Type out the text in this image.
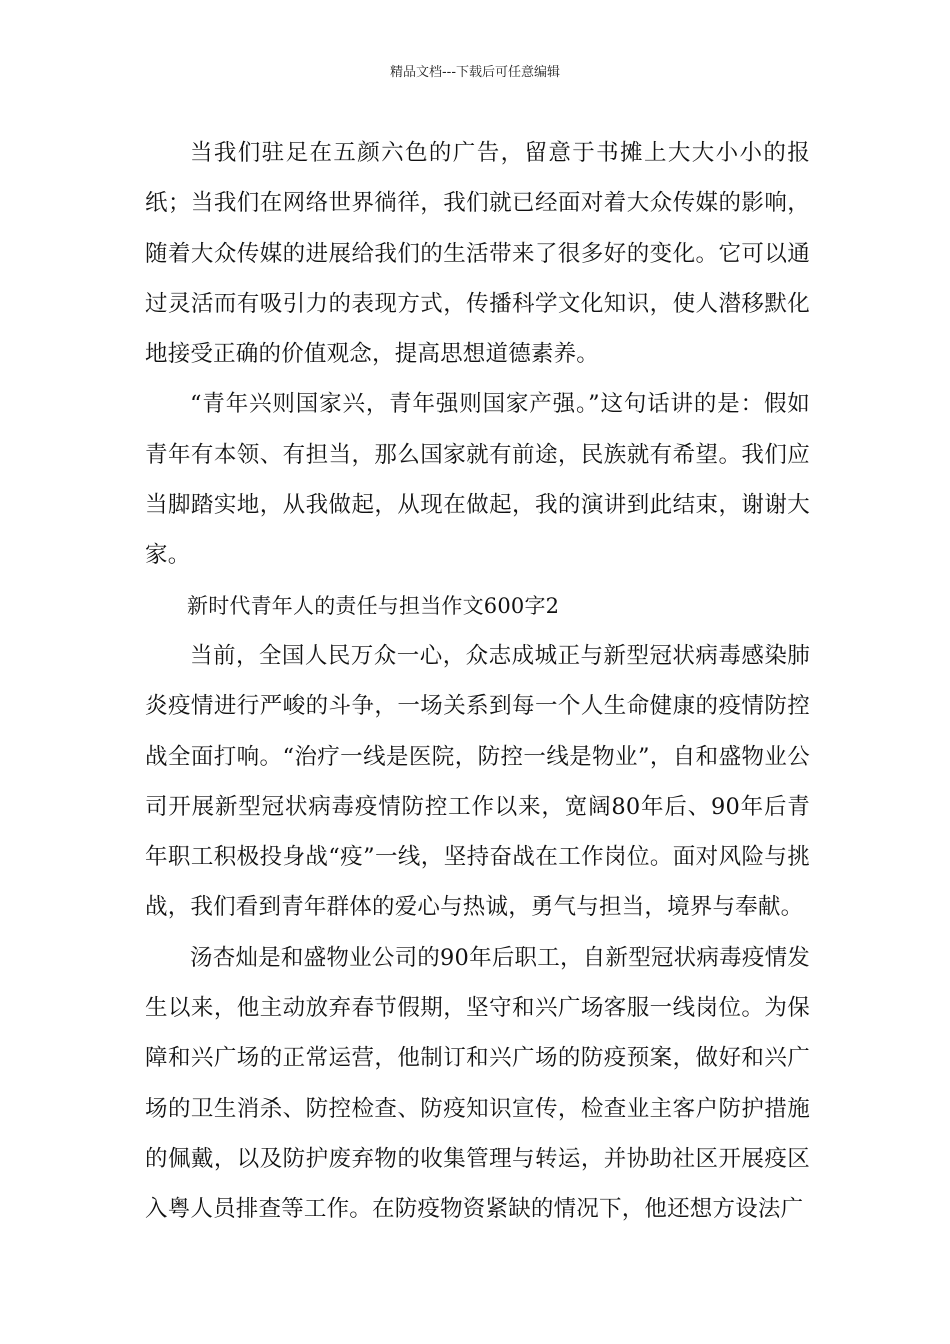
精品文档---下载后可任意编辑

当我们驻足在五颜六色的广告，留意于书摊上大大小小的报纸；当我们在网络世界徜徉，我们就已经面对着大众传媒的影响，随着大众传媒的进展给我们的生活带来了很多好的变化。它可以通过灵活而有吸引力的表现方式，传播科学文化知识，使人潜移默化地接受正确的价值观念，提高思想道德素养。

“青年兴则国家兴，青年强则国家产强。”这句话讲的是：假如青年有本领、有担当，那么国家就有前途，民族就有希望。我们应当脚踏实地，从我做起，从现在做起，我的演讲到此结束，谢谢大家。

新时代青年人的责任与担当作文600字2

当前，全国人民万众一心，众志成城正与新型冠状病毒感染肺炎疫情进行严峻的斗争，一场关系到每一个人生命健康的疫情防控战全面打响。“治疗一线是医院，防控一线是物业”，自和盛物业公司开展新型冠状病毒疫情防控工作以来，宽阔80年后、90年后青年职工积极投身战“疫”一线，坚持奋战在工作岗位。面对风险与挑战，我们看到青年群体的爱心与热诚，勇气与担当，境界与奉献。

汤杏灿是和盛物业公司的90年后职工，自新型冠状病毒疫情发生以来，他主动放弃春节假期，坚守和兴广场客服一线岗位。为保障和兴广场的正常运营，他制订和兴广场的防疫预案，做好和兴广场的卫生消杀、防控检查、防疫知识宣传，检查业主客户防护措施的佩戴，以及防护废弃物的收集管理与转运，并协助社区开展疫区入粤人员排查等工作。在防疫物资紧缺的情况下，他还想方设法广
